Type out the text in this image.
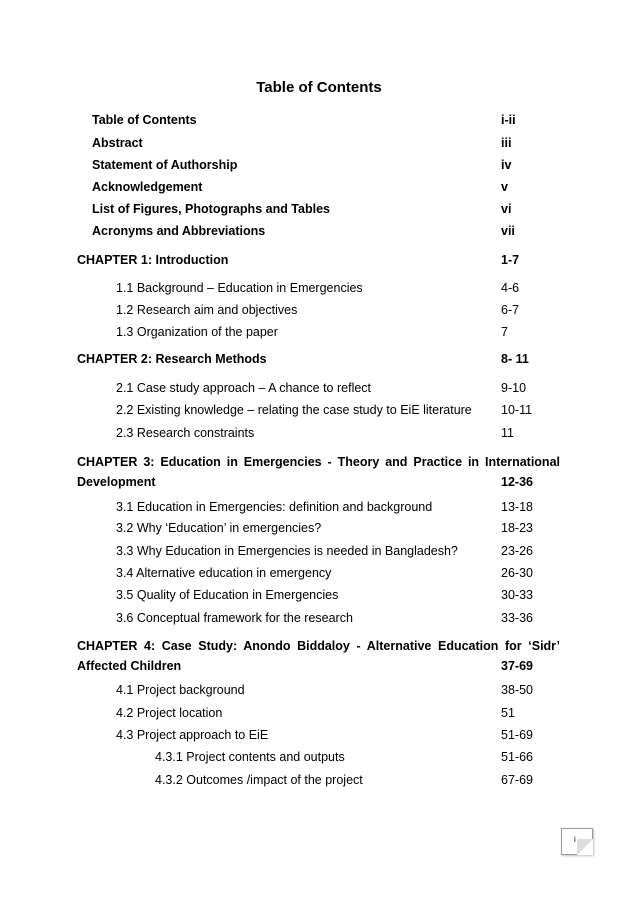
Table of Contents
Table of Contents	i-ii
Abstract	iii
Statement of Authorship	iv
Acknowledgement	v
List of Figures, Photographs and Tables	vi
Acronyms and Abbreviations	vii
CHAPTER 1: Introduction	1-7
1.1 Background – Education in Emergencies	4-6
1.2 Research aim and objectives	6-7
1.3 Organization of the paper	7
CHAPTER 2: Research Methods	8- 11
2.1 Case study approach – A chance to reflect	9-10
2.2 Existing knowledge – relating the case study to EiE literature 10-11
2.3 Research constraints	11
CHAPTER 3: Education in Emergencies - Theory and Practice in International
Development	12-36
3.1 Education in Emergencies: definition and background	13-18
3.2 Why ‘Education’ in emergencies?	18-23
3.3 Why Education in Emergencies is needed in Bangladesh?	23-26
3.4 Alternative education in emergency	26-30
3.5 Quality of Education in Emergencies	30-33
3.6 Conceptual framework for the research	33-36
CHAPTER 4: Case Study: Anondo Biddaloy - Alternative Education for ‘Sidr’
Affected Children	37-69
4.1 Project background	38-50
4.2 Project location	51
4.3 Project approach to EiE	51-69
4.3.1 Project contents and outputs	51-66
4.3.2 Outcomes /impact of the project	67-69
i
